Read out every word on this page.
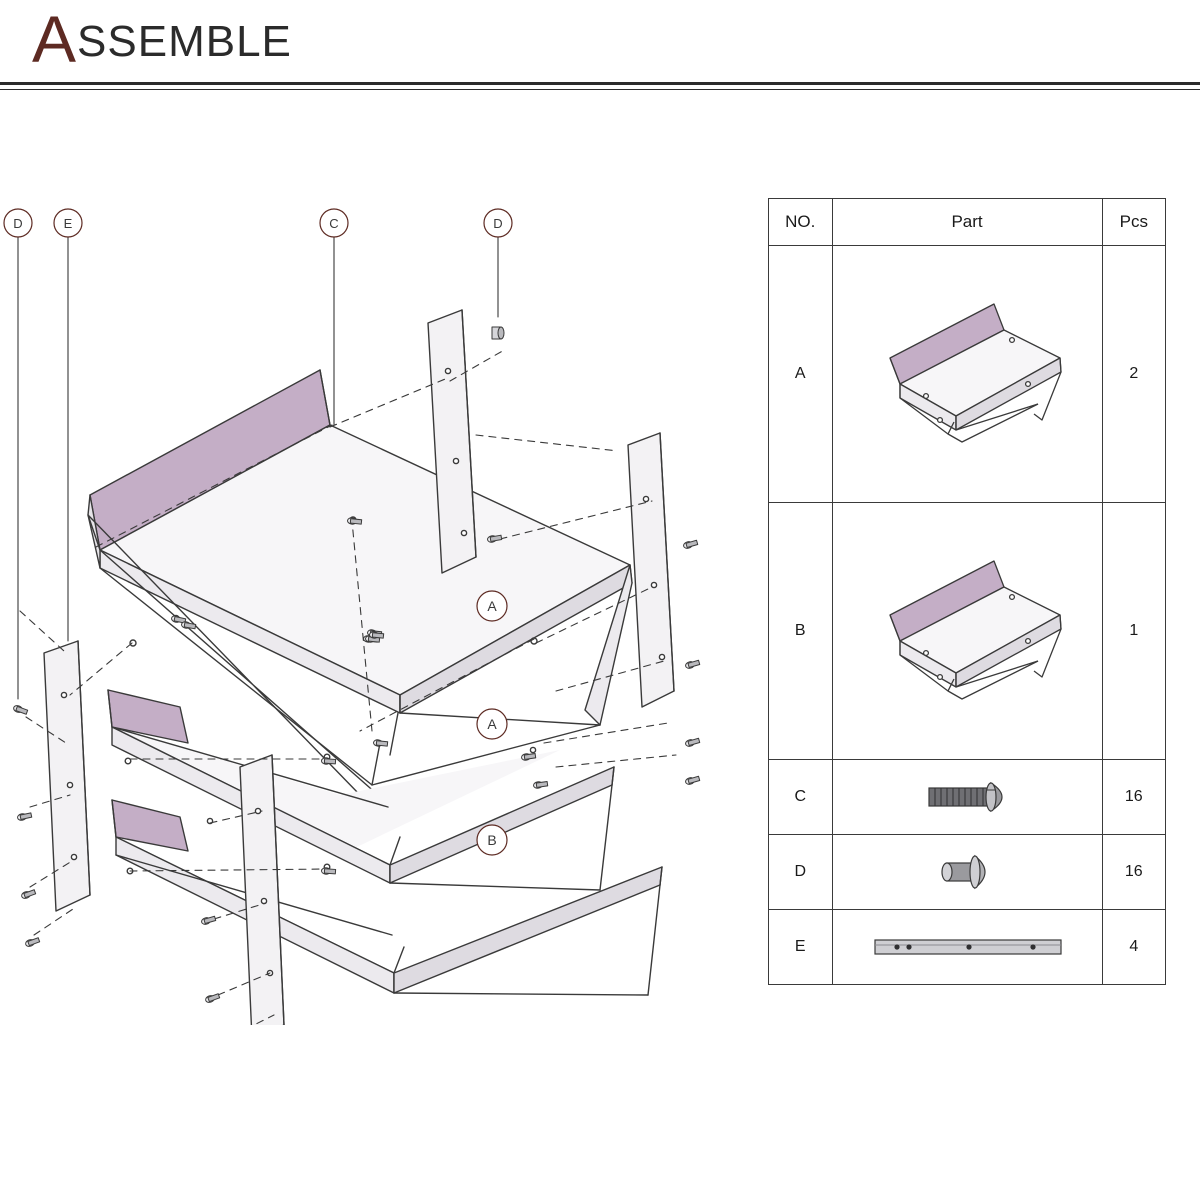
ASSEMBLE
D	E	C	D
A
A
B
NO.	Part	Pcs
A		2
B		1
C		16
D		16
E		4
